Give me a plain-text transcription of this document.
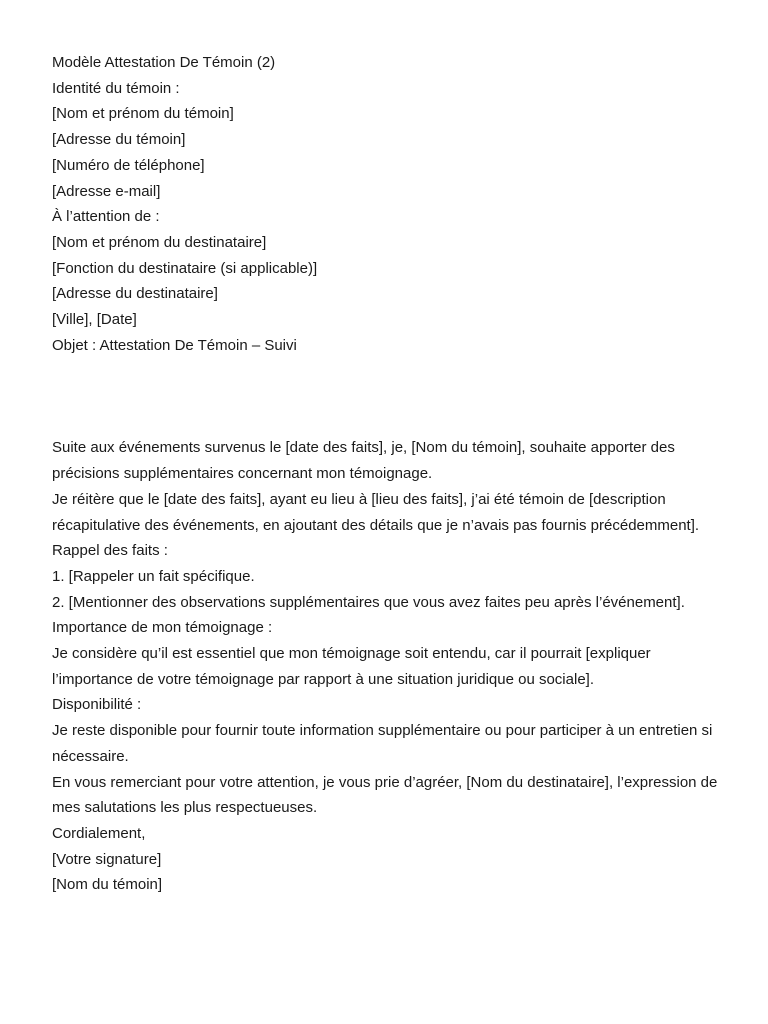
Modèle Attestation De Témoin (2)
Identité du témoin :
[Nom et prénom du témoin]
[Adresse du témoin]
[Numéro de téléphone]
[Adresse e-mail]
À l’attention de :
[Nom et prénom du destinataire]
[Fonction du destinataire (si applicable)]
[Adresse du destinataire]
[Ville], [Date]
Objet : Attestation De Témoin – Suivi
Suite aux événements survenus le [date des faits], je, [Nom du témoin], souhaite apporter des précisions supplémentaires concernant mon témoignage.
Je réitère que le [date des faits], ayant eu lieu à [lieu des faits], j’ai été témoin de [description récapitulative des événements, en ajoutant des détails que je n’avais pas fournis précédemment].
Rappel des faits :
1. [Rappeler un fait spécifique.
2. [Mentionner des observations supplémentaires que vous avez faites peu après l’événement].
Importance de mon témoignage :
Je considère qu’il est essentiel que mon témoignage soit entendu, car il pourrait [expliquer l’importance de votre témoignage par rapport à une situation juridique ou sociale].
Disponibilité :
Je reste disponible pour fournir toute information supplémentaire ou pour participer à un entretien si nécessaire.
En vous remerciant pour votre attention, je vous prie d’agréer, [Nom du destinataire], l’expression de mes salutations les plus respectueuses.
Cordialement,
[Votre signature]
[Nom du témoin]
